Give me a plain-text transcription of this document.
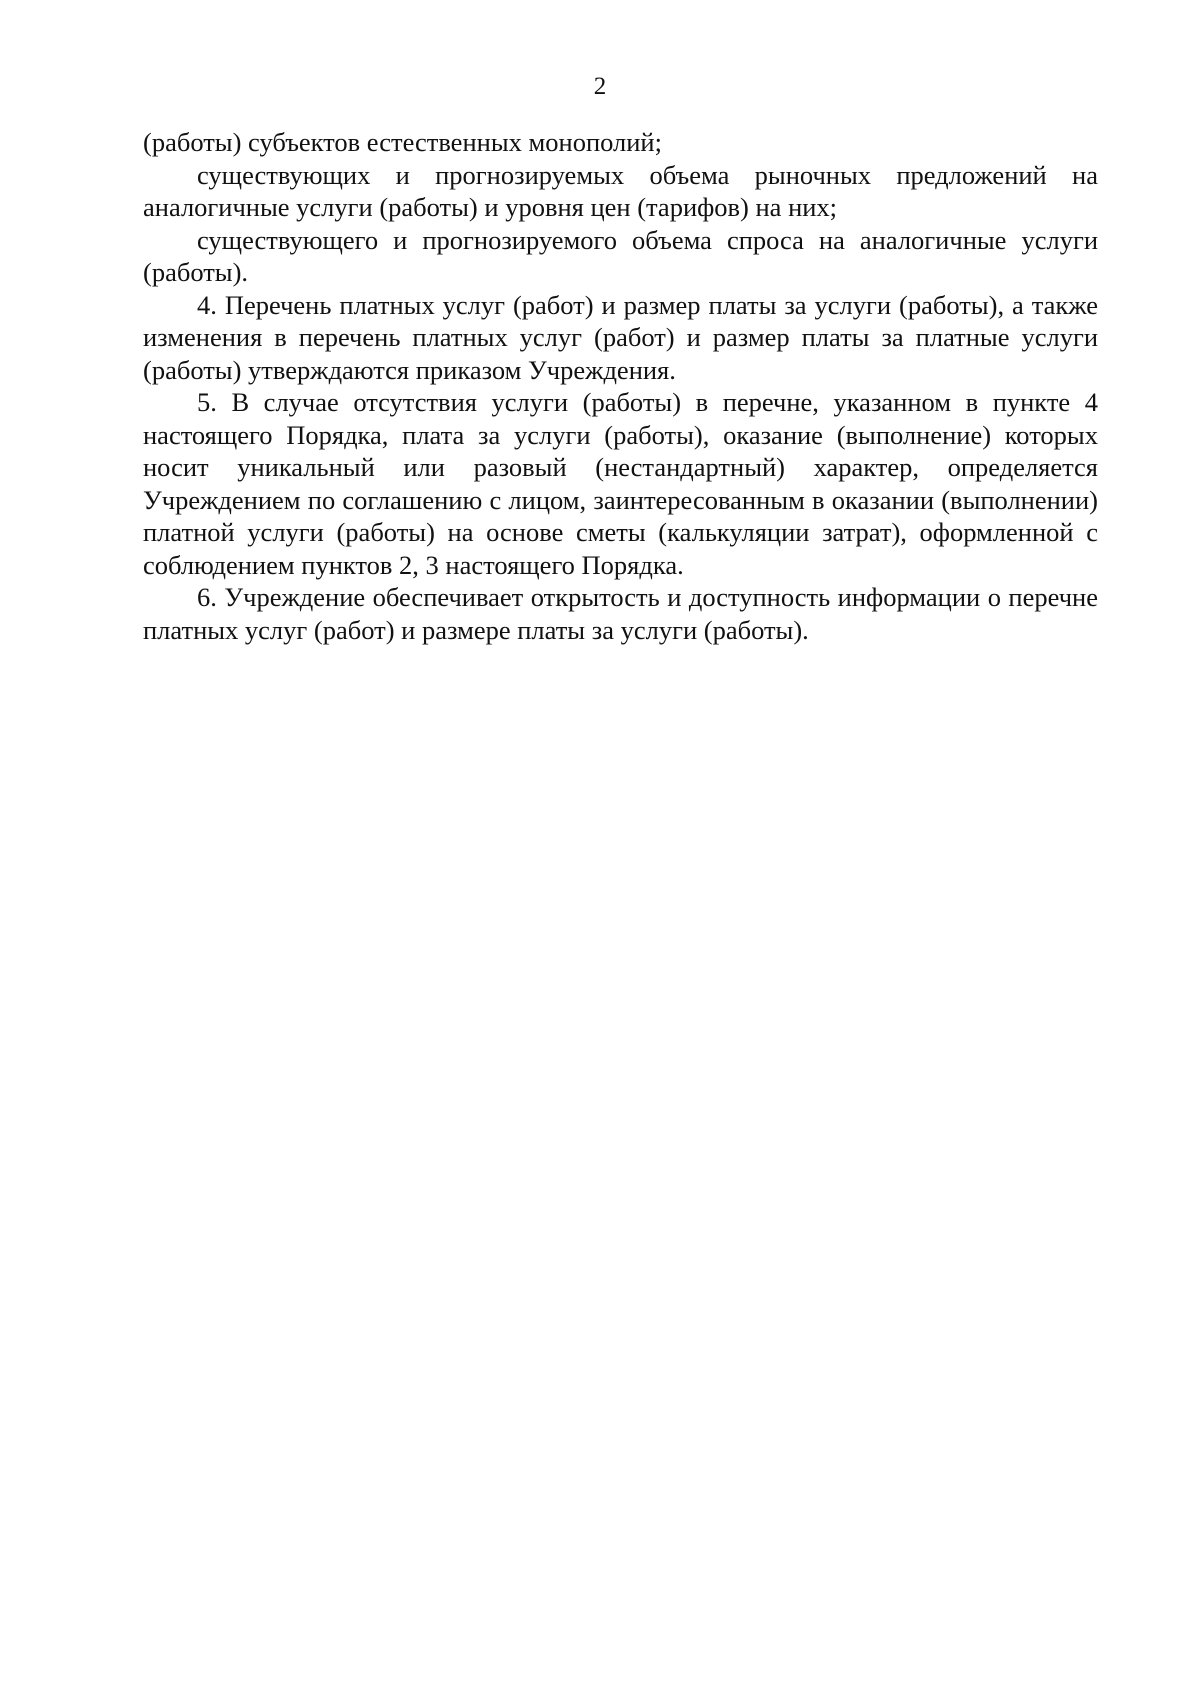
2

(работы) субъектов естественных монополий;

существующих и прогнозируемых объема рыночных предложений на аналогичные услуги (работы) и уровня цен (тарифов) на них;

существующего и прогнозируемого объема спроса на аналогичные услуги (работы).

4. Перечень платных услуг (работ) и размер платы за услуги (работы), а также изменения в перечень платных услуг (работ) и размер платы за платные услуги (работы) утверждаются приказом Учреждения.

5. В случае отсутствия услуги (работы) в перечне, указанном в пункте 4 настоящего Порядка, плата за услуги (работы), оказание (выполнение) которых носит уникальный или разовый (нестандартный) характер, определяется Учреждением по соглашению с лицом, заинтересованным в оказании (выполнении) платной услуги (работы) на основе сметы (калькуляции затрат), оформленной с соблюдением пунктов 2, 3 настоящего Порядка.

6. Учреждение обеспечивает открытость и доступность информации о перечне платных услуг (работ) и размере платы за услуги (работы).
